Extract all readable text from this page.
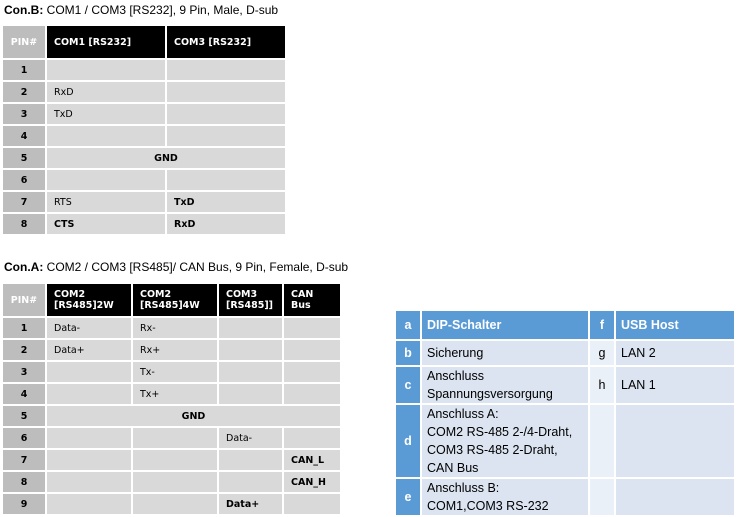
Con.B: COM1 / COM3 [RS232], 9 Pin, Male, D-sub
PIN#	COM1 [RS232]	COM3 [RS232]
1		
2	RxD	
3	TxD	
4		
5	GND	
6		
7	RTS	TxD
8	CTS	RxD
Con.A: COM2 / COM3 [RS485]/ CAN Bus, 9 Pin, Female, D-sub
PIN#	COM2 [RS485]2W	COM2 [RS485]4W	COM3 [RS485]]	CAN Bus
1	Data-	Rx-		
2	Data+	Rx+		
3		Tx-		
4		Tx+		
5	GND			
6			Data-	
7				CAN_L
8				CAN_H
9			Data+	
a	DIP-Schalter	f	USB Host
b	Sicherung	g	LAN 2
c	Anschluss
Spannungsversorgung	h	LAN 1
d	Anschluss A:
COM2 RS-485 2-/4-Draht,
COM3 RS-485 2-Draht,
CAN Bus		
e	Anschluss B:
COM1,COM3 RS-232		
